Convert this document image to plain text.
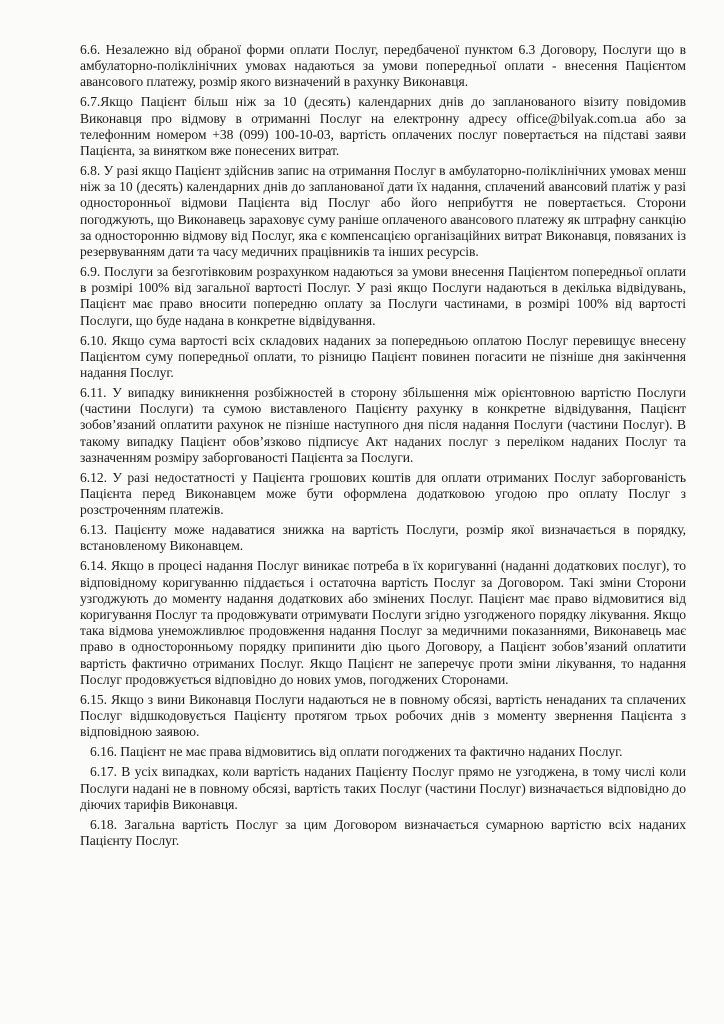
6.6. Незалежно від обраної форми оплати Послуг, передбаченої пунктом 6.3 Договору, Послуги що в амбулаторно-поліклінічних умовах надаються за умови попередньої оплати - внесення Пацієнтом авансового платежу, розмір якого визначений в рахунку Виконавця.

6.7.Якщо Пацієнт більш ніж за 10 (десять) календарних днів до запланованого візиту повідомив Виконавця про відмову в отриманні Послуг на електронну адресу office@bilyak.com.ua або за телефонним номером +38 (099) 100-10-03, вартість оплачених послуг повертається на підставі заяви Пацієнта, за винятком вже понесених витрат.

6.8. У разі якщо Пацієнт здійснив запис на отримання Послуг в амбулаторно-поліклінічних умовах менш ніж за 10 (десять) календарних днів до запланованої дати їх надання, сплачений авансовий платіж у разі односторонньої відмови Пацієнта від Послуг або його неприбуття не повертається. Сторони погоджують, що Виконавець зараховує суму раніше оплаченого авансового платежу як штрафну санкцію за односторонню відмову від Послуг, яка є компенсацією організаційних витрат Виконавця, повязаних із резервуванням дати та часу медичних працівників та інших ресурсів.

6.9. Послуги за безготівковим розрахунком надаються за умови внесення Пацієнтом попередньої оплати в розмірі 100% від загальної вартості Послуг. У разі якщо Послуги надаються в декілька відвідувань, Пацієнт має право вносити попередню оплату за Послуги частинами, в розмірі 100% від вартості Послуги, що буде надана в конкретне відвідування.

6.10. Якщо сума вартості всіх складових наданих за попередньою оплатою Послуг перевищує внесену Пацієнтом суму попередньої оплати, то різницю Пацієнт повинен погасити не пізніше дня закінчення надання Послуг.

6.11. У випадку виникнення розбіжностей в сторону збільшення між орієнтовною вартістю Послуги (частини Послуги) та сумою виставленого Пацієнту рахунку в конкретне відвідування, Пацієнт зобов’язаний оплатити рахунок не пізніше наступного дня після надання Послуги (частини Послуг). В такому випадку Пацієнт обов’язково підписує Акт наданих послуг з переліком наданих Послуг та зазначенням розміру заборгованості Пацієнта за Послуги.

6.12. У разі недостатності у Пацієнта грошових коштів для оплати отриманих Послуг заборгованість Пацієнта перед Виконавцем може бути оформлена додатковою угодою про оплату Послуг з розстроченням платежів.

6.13. Пацієнту може надаватися знижка на вартість Послуги, розмір якої визначається в порядку, встановленому Виконавцем.

6.14. Якщо в процесі надання Послуг виникає потреба в їх коригуванні (наданні додаткових послуг), то відповідному коригуванню піддається і остаточна вартість Послуг за Договором. Такі зміни Сторони узгоджують до моменту надання додаткових або змінених Послуг. Пацієнт має право відмовитися від коригування Послуг та продовжувати отримувати Послуги згідно узгодженого порядку лікування. Якщо така відмова унеможливлює продовження надання Послуг за медичними показаннями, Виконавець має право в односторонньому порядку припинити дію цього Договору, а Пацієнт зобов’язаний оплатити вартість фактично отриманих Послуг. Якщо Пацієнт не заперечує проти зміни лікування, то надання Послуг продовжується відповідно до нових умов, погоджених Сторонами.

6.15. Якщо з вини Виконавця Послуги надаються не в повному обсязі, вартість ненаданих та сплачених Послуг відшкодовується Пацієнту протягом трьох робочих днів з моменту звернення Пацієнта з відповідною заявою.

6.16. Пацієнт не має права відмовитись від оплати погоджених та фактично наданих Послуг.

6.17. В усіх випадках, коли вартість наданих Пацієнту Послуг прямо не узгоджена, в тому числі коли Послуги надані не в повному обсязі, вартість таких Послуг (частини Послуг) визначається відповідно до діючих тарифів Виконавця.

6.18. Загальна вартість Послуг за цим Договором визначається сумарною вартістю всіх наданих Пацієнту Послуг.
